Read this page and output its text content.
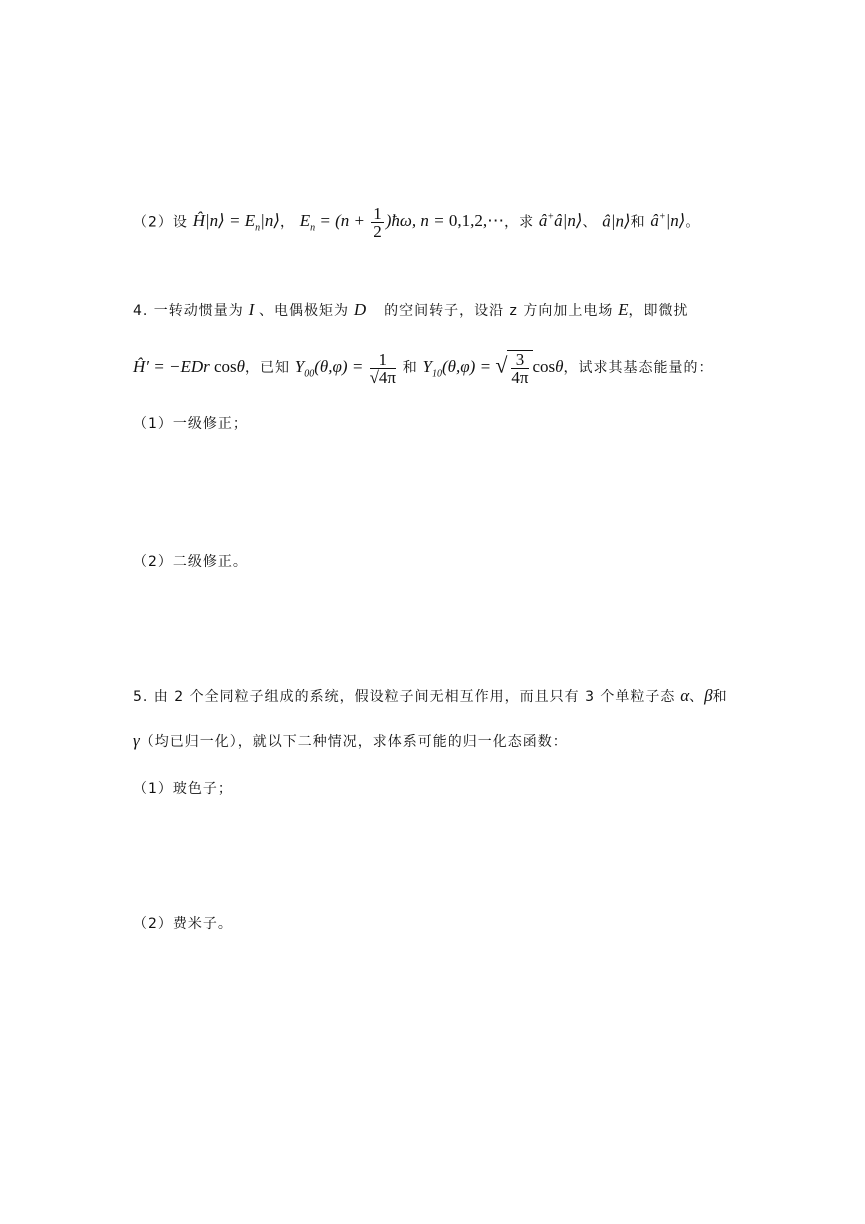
（2）设 Ĥ|n⟩ = $E_n|n⟩$， $E_n = (n + \frac{1}{2}$ )ħω, n = 0,1,2,⋯，求 â+â|n⟩、 â|n⟩和 â+|n⟩。
4. 一转动惯量为 I 、电偶极矩为 D⃗ 的空间转子，设沿 z 方向加上电场 E，即微扰
Ĥ′ = −EDr cosθ，已知 $Y_{00}(\theta,\varphi) = \frac{1}{√4\pi}$ 和 $Y_{10}(\theta,\varphi)$ = √ $\frac{3}{4\pi}$ cosθ，试求其基态能量的：
（1）一级修正；
（2）二级修正。
5. 由 2 个全同粒子组成的系统，假设粒子间无相互作用，而且只有 3 个单粒子态 α、β和
γ（均已归一化），就以下二种情况，求体系可能的归一化态函数：
（1）玻色子；
（2）费米子。
